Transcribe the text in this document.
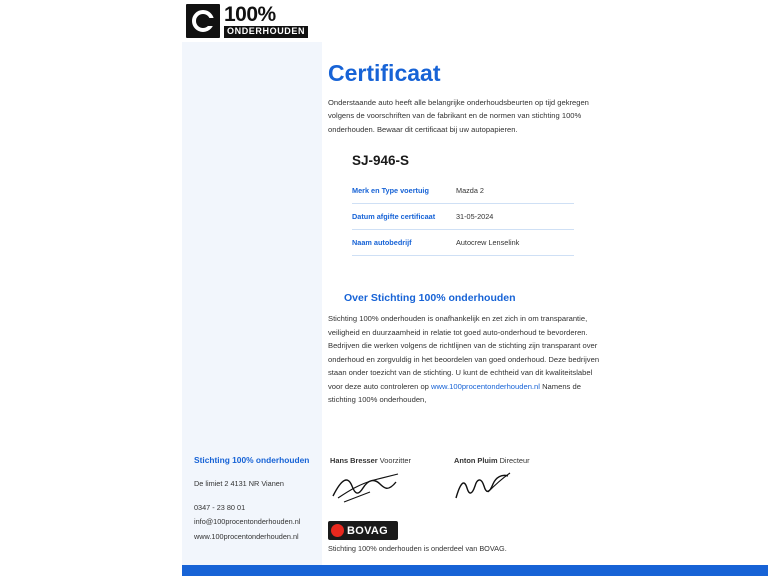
100%
ONDERHOUDEN
Certificaat
Onderstaande auto heeft alle belangrijke onderhoudsbeurten op tijd gekregen volgens de voorschriften van de fabrikant en de normen van stichting 100% onderhouden. Bewaar dit certificaat bij uw autopapieren.
SJ-946-S
Merk en Type voertuig	Mazda 2
Datum afgifte certificaat	31-05-2024
Naam autobedrijf	Autocrew Lenselink
Over Stichting 100% onderhouden
Stichting 100% onderhouden is onafhankelijk en zet zich in om transparantie, veiligheid en duurzaamheid in relatie tot goed auto-onderhoud te bevorderen. Bedrijven die werken volgens de richtlijnen van de stichting zijn transparant over onderhoud en zorgvuldig in het beoordelen van goed onderhoud. Deze bedrijven staan onder toezicht van de stichting. U kunt de echtheid van dit kwaliteitslabel voor deze auto controleren op www.100procentonderhouden.nl Namens de stichting 100% onderhouden,
Stichting 100% onderhouden
De limiet 2 4131 NR Vianen
0347 - 23 80 01
info@100procentonderhouden.nl
www.100procentonderhouden.nl
Hans Bresser Voorzitter	Anton Pluim Directeur
BOVAG
Stichting 100% onderhouden is onderdeel van BOVAG.
